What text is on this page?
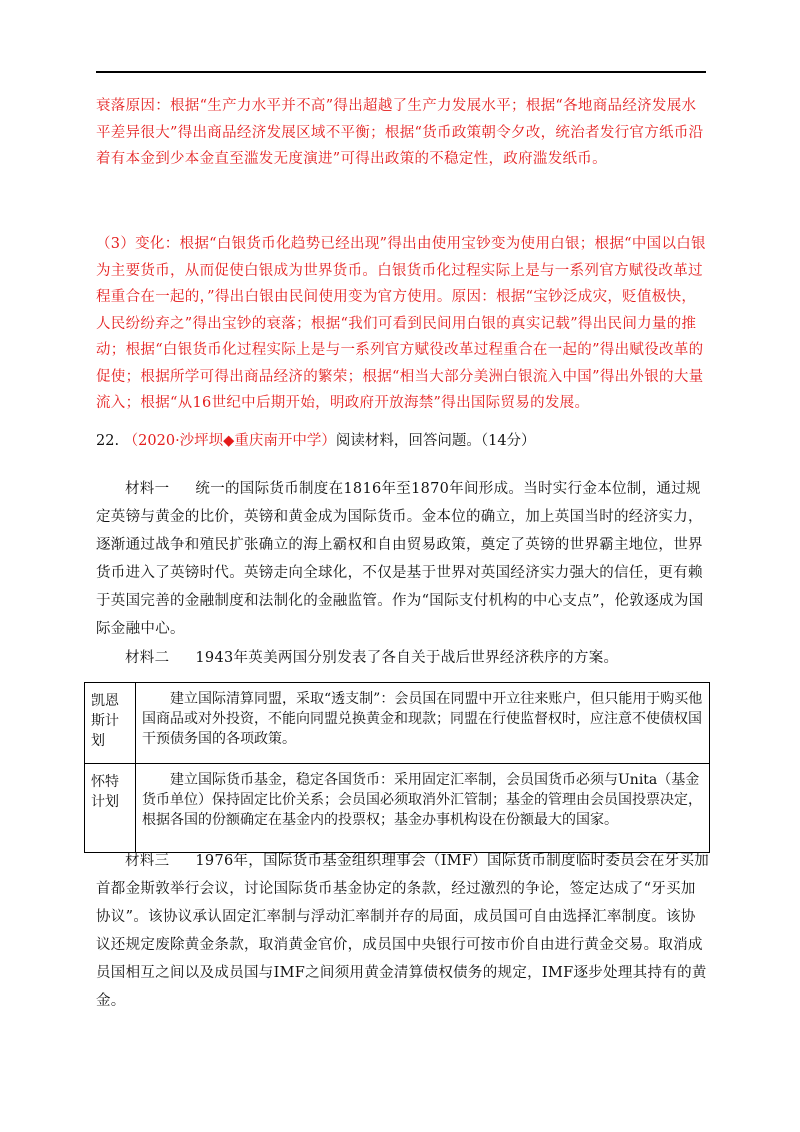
衰落原因：根据“生产力水平并不高”得出超越了生产力发展水平；根据“各地商品经济发展水平差异很大”得出商品经济发展区域不平衡；根据“货币政策朝令夕改，统治者发行官方纸币沿着有本金到少本金直至滥发无度演进”可得出政策的不稳定性，政府滥发纸币。
（3）变化：根据“白银货币化趋势已经出现”得出由使用宝钞变为使用白银；根据“中国以白银为主要货币，从而促使白银成为世界货币。白银货币化过程实际上是与一系列官方赋役改革过程重合在一起的，”得出白银由民间使用变为官方使用。原因：根据“宝钞泛成灾，贬值极快，人民纷纷弃之”得出宝钞的衰落；根据“我们可看到民间用白银的真实记载”得出民间力量的推动；根据“白银货币化过程实际上是与一系列官方赋役改革过程重合在一起的”得出赋役改革的促使；根据所学可得出商品经济的繁荣；根据“相当大部分美洲白银流入中国”得出外银的大量流入；根据“从16世纪中后期开始，明政府开放海禁”得出国际贸易的发展。
22. （2020·沙坪坝◆重庆南开中学）阅读材料，回答问题。（14分）
材料一 统一的国际货币制度在1816年至1870年间形成。当时实行金本位制，通过规定英镑与黄金的比价，英镑和黄金成为国际货币。金本位的确立，加上英国当时的经济实力，逐渐通过战争和殖民扩张确立的海上霸权和自由贸易政策，奠定了英镑的世界霸主地位，世界货币进入了英镑时代。英镑走向全球化，不仅是基于世界对英国经济实力强大的信任，更有赖于英国完善的金融制度和法制化的金融监管。作为“国际支付机构的中心支点”，伦敦逐成为国际金融中心。
材料二 1943年英美两国分别发表了各自关于战后世界经济秩序的方案。
凯恩斯计划	建立国际清算同盟，采取“透支制”：会员国在同盟中开立往来账户，但只能用于购买他国商品或对外投资，不能向同盟兑换黄金和现款；同盟在行使监督权时，应注意不使债权国干预债务国的各项政策。
怀特计划	建立国际货币基金，稳定各国货币：采用固定汇率制，会员国货币必须与Unita（基金货币单位）保持固定比价关系；会员国必须取消外汇管制；基金的管理由会员国投票决定，根据各国的份额确定在基金内的投票权；基金办事机构设在份额最大的国家。
材料三 1976年，国际货币基金组织理事会（IMF）国际货币制度临时委员会在牙买加首都金斯敦举行会议，讨论国际货币基金协定的条款，经过激烈的争论，签定达成了“牙买加协议”。该协议承认固定汇率制与浮动汇率制并存的局面，成员国可自由选择汇率制度。该协议还规定废除黄金条款，取消黄金官价，成员国中央银行可按市价自由进行黄金交易。取消成员国相互之间以及成员国与IMF之间须用黄金清算债权债务的规定，IMF逐步处理其持有的黄金。
